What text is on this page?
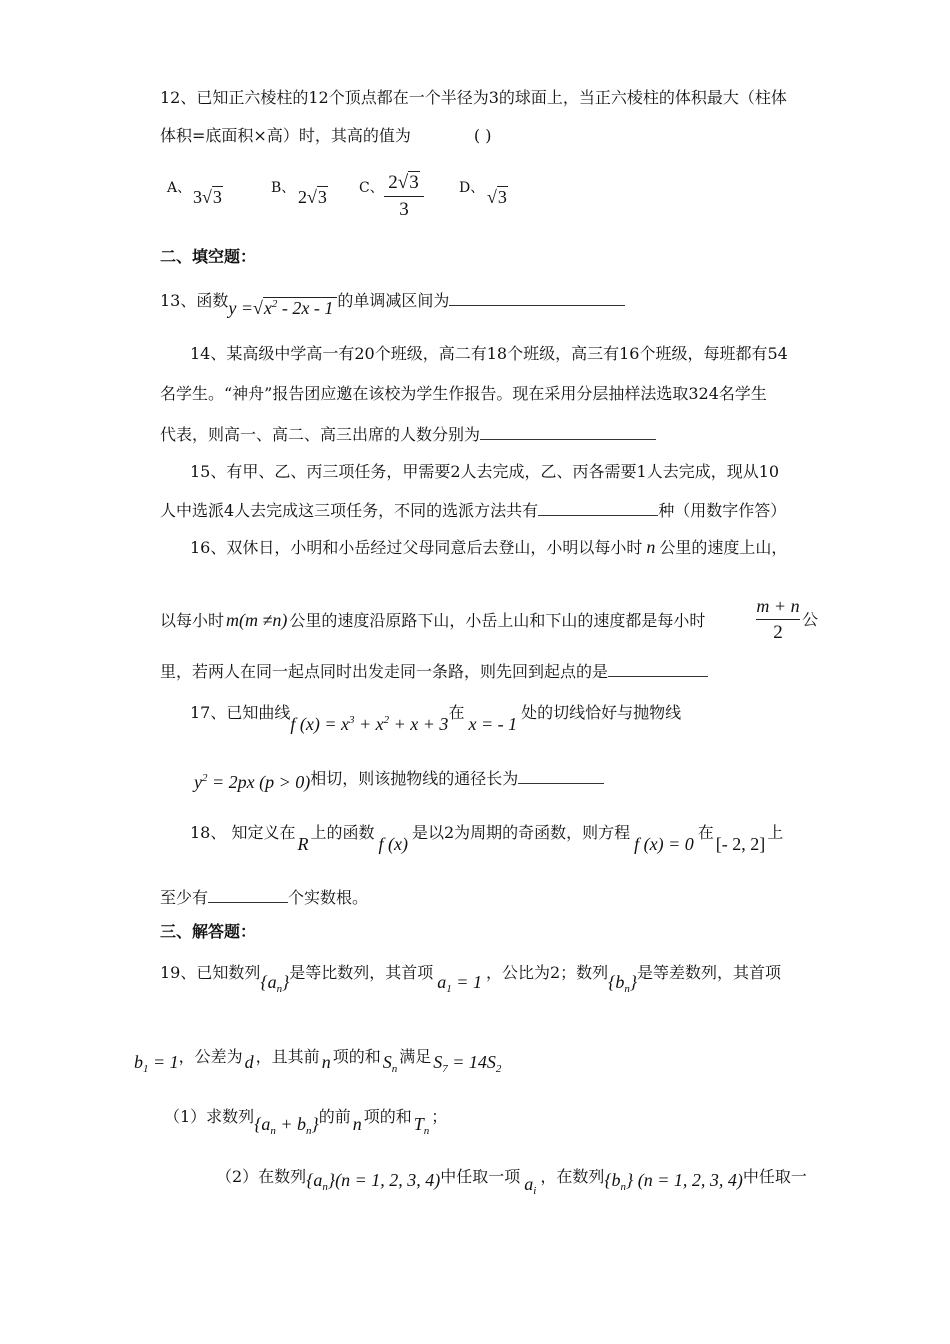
12、已知正六棱柱的12个顶点都在一个半径为3的球面上，当正六棱柱的体积最大（柱体
体积=底面积×高）时，其高的值为	( )
A、 3√3	B、 2√3 C、 2√3
3
D、 √3
二、填空题：
13、函数$y =√x^2 - 2x - 1$ 的单调减区间为
14、某高级中学高一有20个班级，高二有18个班级，高三有16个班级，每班都有54
名学生。“神舟”报告团应邀在该校为学生作报告。现在采用分层抽样法选取324名学生
代表，则高一、高二、高三出席的人数分别为
15、有甲、乙、丙三项任务，甲需要2人去完成，乙、丙各需要1人去完成，现从10
人中选派4人去完成这三项任务，不同的选派方法共有	种（用数字作答）
16、双休日，小明和小岳经过父母同意后去登山，小明以每小时 n 公里的速度上山，
以每小时 m(m ≠n) 公里的速度沿原路下山，小岳上山和下山的速度都是每小时
m + n
2
公
里，若两人在同一起点同时出发走同一条路，则先回到起点的是
17、已知曲线f $(x) = x^3 + x^2 + x + 3$在x = - 1处的切线恰好与抛物线
$y^2 = 2px$ (p > 0)相切，则该抛物线的通径长为
18、 知定义在R上的函数f (x)是以2为周期的奇函数，则方程f (x) = 0在[- 2, 2]上
至少有	个实数根。
三、解答题：
19、已知数列$\{a_n\}$是等比数列，其首项 $a_1 = 1$ ，公比为2；数列$\{b_n\}$是等差数列，其首项
$b_1 = 1$，公差为 d ，且其前 n 项的和 $S_n$满足 $S_7 = 14S_2$
（1）求数列$\{a_n + b_n\}$的前 n 项的和 $T_n$；
（2）在数列$\{a_n\}(n = 1$, 2, 3, 4)中任取一项 $a_i$，在数列$\{b_n\} (n = 1$, 2, 3, 4)中任取一
